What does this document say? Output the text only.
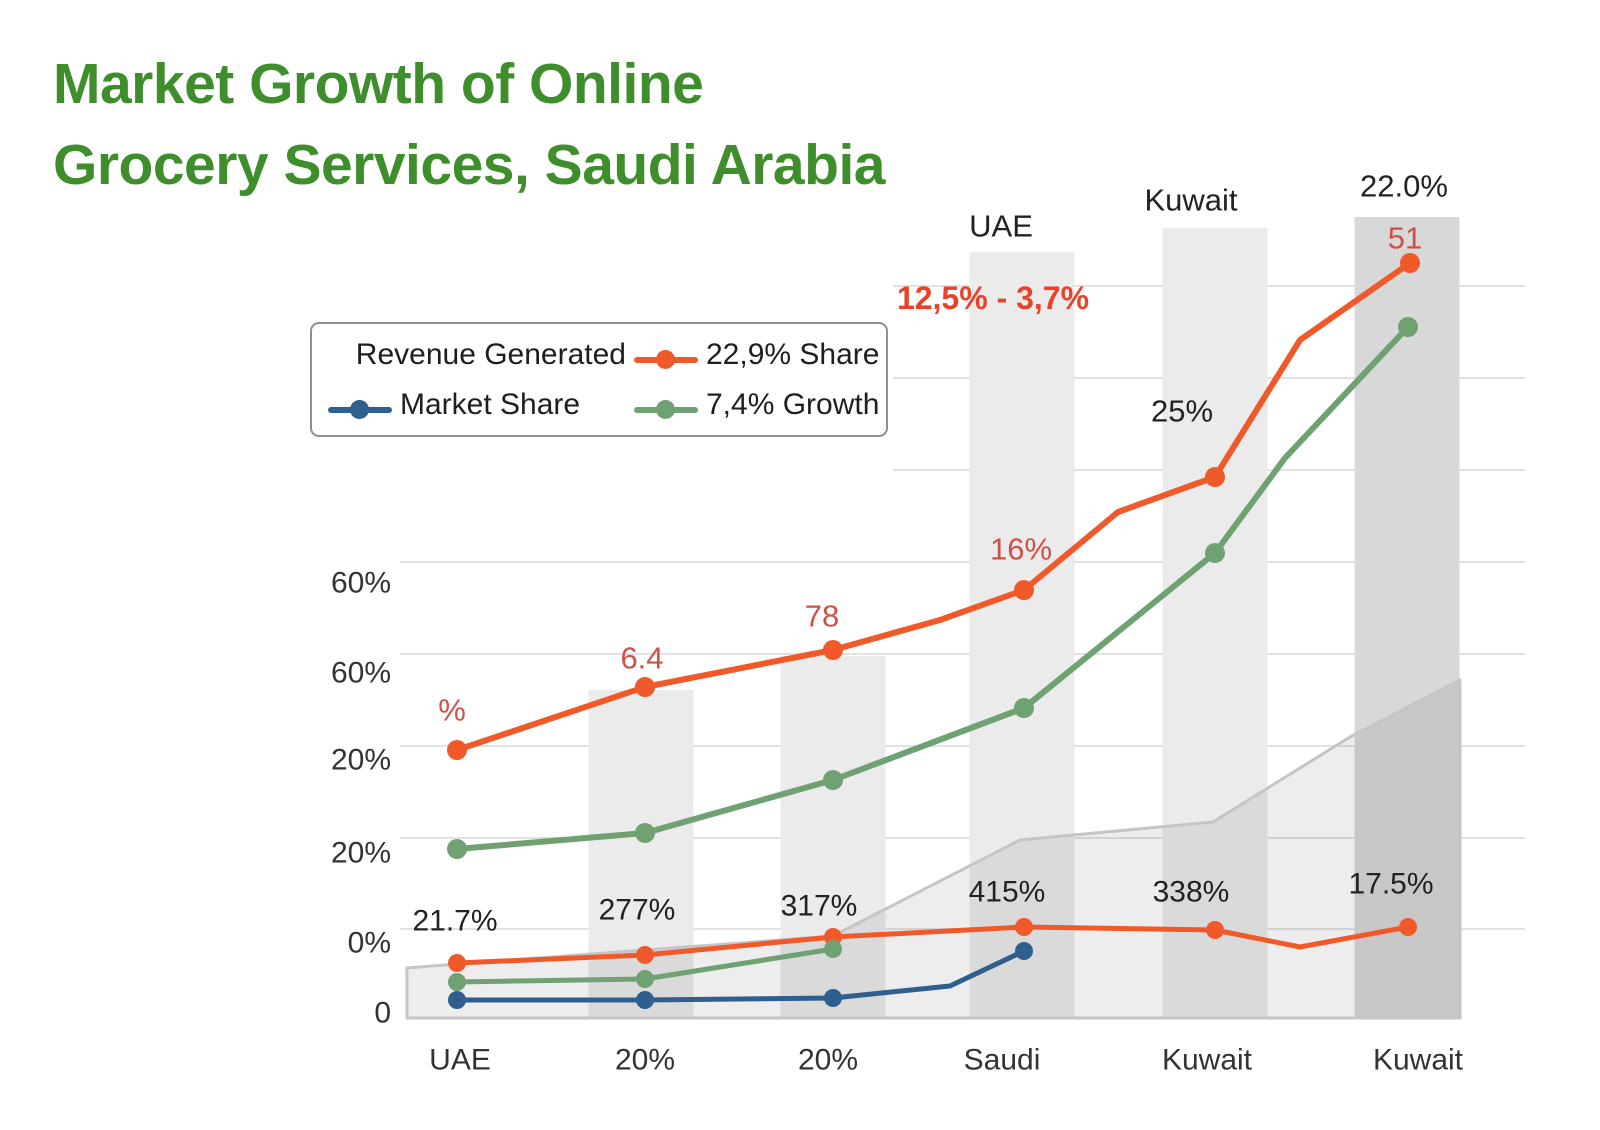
60%
60%
20%
20%
0%
0
UAE	20%	20%	Saudi	Kuwait	Kuwait
12,5% - 3,7%
UAE
Kuwait	22.0%
25%
%
6.4
78
16%
51
21.7%	277%	317%	415%	338%	17.5%
Market Growth of Online
Grocery Services, Saudi Arabia
Revenue Generated	22,9% Share
Market Share	7,4% Growth
